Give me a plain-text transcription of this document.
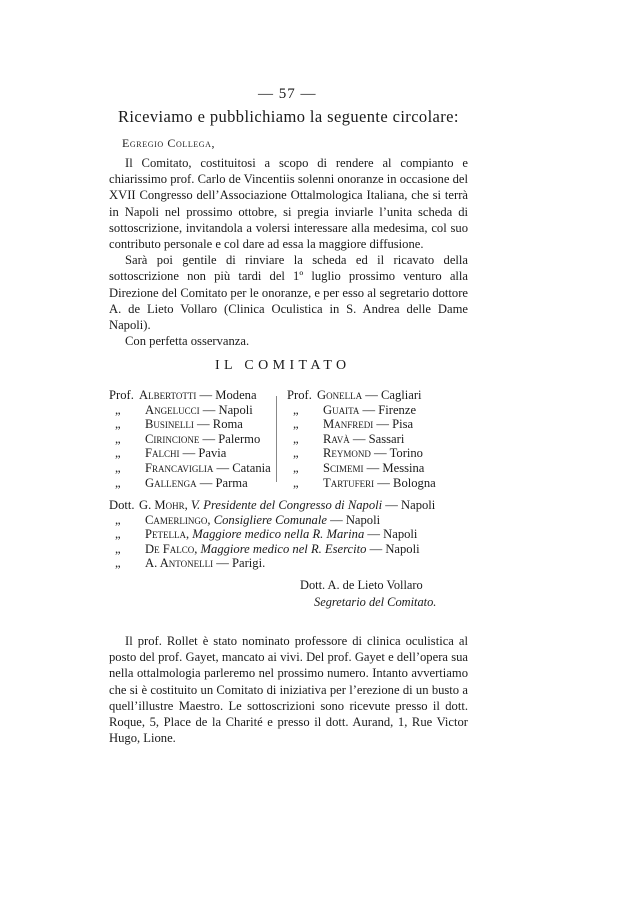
— 57 —
Riceviamo e pubblichiamo la seguente circolare:
Egregio Collega,

Il Comitato, costituitosi a scopo di rendere al compianto e chiarissimo prof. Carlo de Vincentiis solenni onoranze in occasione del XVII Congresso dell’Associazione Ottalmologica Italiana, che si terrà in Napoli nel prossimo ottobre, si pregia inviarle l’unita scheda di sottoscrizione, invitandola a volersi interessare alla medesima, col suo contributo personale e col dare ad essa la maggiore diffusione.

Sarà poi gentile di rinviare la scheda ed il ricavato della sottoscrizione non più tardi del 1º luglio prossimo venturo alla Direzione del Comitato per le onoranze, e per esso al segretario dottore A. de Lieto Vollaro (Clinica Oculistica in S. Andrea delle Dame Napoli).

Con perfetta osservanza.

IL COMITATO
Prof. Albertotti — Modena
„ Angelucci — Napoli
„ Businelli — Roma
„ Cirincione — Palermo
„ Falchi — Pavia
„ Francaviglia — Catania
„ Gallenga — Parma
Prof. Gonella — Cagliari
„ Guaita — Firenze
„ Manfredi — Pisa
„ Ravà — Sassari
„ Reymond — Torino
„ Scimemi — Messina
„ Tartuferi — Bologna
Dott. G. Mohr, V. Presidente del Congresso di Napoli — Napoli
„ Camerlingo, Consigliere Comunale — Napoli
„ Petella, Maggiore medico nella R. Marina — Napoli
„ De Falco, Maggiore medico nel R. Esercito — Napoli
„ A. Antonelli — Parigi.
Dott. A. de Lieto Vollaro
Segretario del Comitato.
Il prof. Rollet è stato nominato professore di clinica oculistica al posto del prof. Gayet, mancato ai vivi. Del prof. Gayet e dell’opera sua nella ottalmologia parleremo nel prossimo numero. Intanto avvertiamo che si è costituito un Comitato di iniziativa per l’erezione di un busto a quell’illustre Maestro. Le sottoscrizioni sono ricevute presso il dott. Roque, 5, Place de la Charité e presso il dott. Aurand, 1, Rue Victor Hugo, Lione.
